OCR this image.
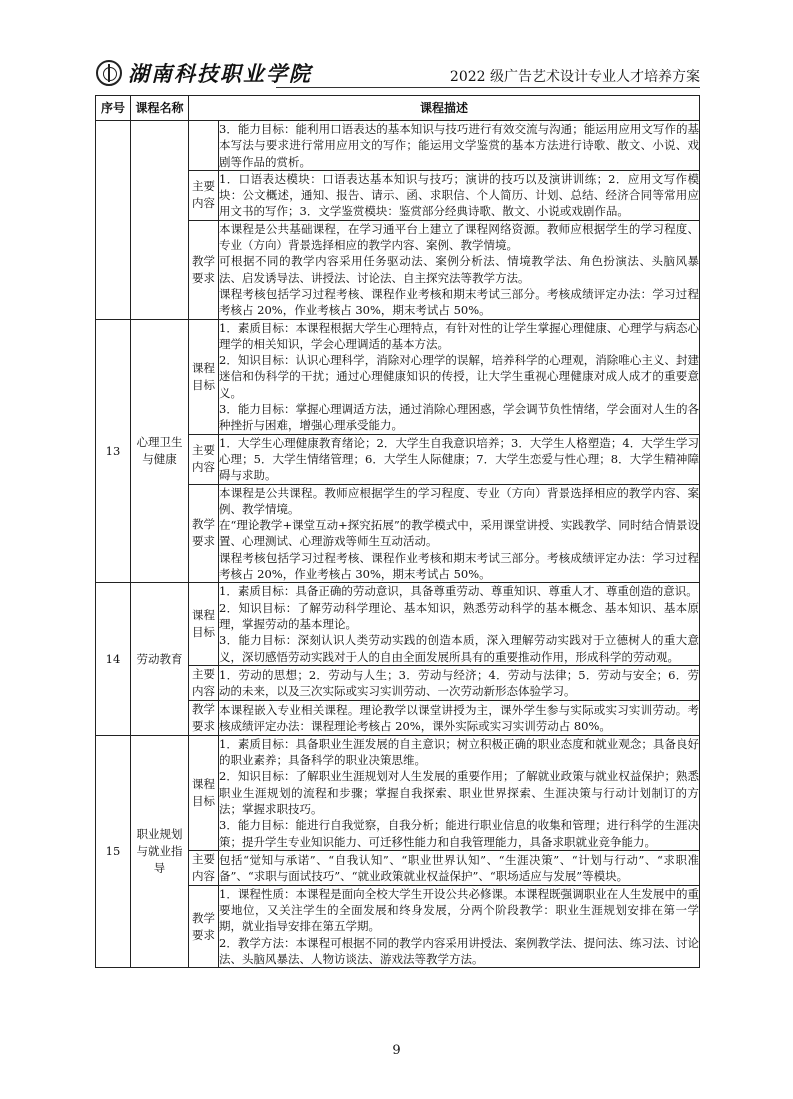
湖南科技职业学院	2022 级广告艺术设计专业人才培养方案
序号	课程名称	课程描述	

			3．能力目标：能利用口语表达的基本知识与技巧进行有效交流与沟通；能运用应用文写作的基本写法与要求进行常用应用文的写作；能运用文学鉴赏的基本方法进行诗歌、散文、小说、戏剧等作品的赏析。

		主要内容	1．口语表达模块：口语表达基本知识与技巧；演讲的技巧以及演讲训练；2．应用文写作模块：公文概述，通知、报告、请示、函、求职信、个人简历、计划、总结、经济合同等常用应用文书的写作；3．文学鉴赏模块：鉴赏部分经典诗歌、散文、小说或戏剧作品。

		教学要求	本课程是公共基础课程，在学习通平台上建立了课程网络资源。教师应根据学生的学习程度、专业（方向）背景选择相应的教学内容、案例、教学情境。

可根据不同的教学内容采用任务驱动法、案例分析法、情境教学法、角色扮演法、头脑风暴法、启发诱导法、讲授法、讨论法、自主探究法等教学方法。

课程考核包括学习过程考核、课程作业考核和期末考试三部分。考核成绩评定办法：学习过程考核占 20%，作业考核占 30%，期末考试占 50%。

13	心理卫生与健康	课程目标	1．素质目标：本课程根据大学生心理特点，有针对性的让学生掌握心理健康、心理学与病态心理学的相关知识，学会心理调适的基本方法。

2．知识目标：认识心理科学，消除对心理学的误解，培养科学的心理观，消除唯心主义、封建迷信和伪科学的干扰；通过心理健康知识的传授，让大学生重视心理健康对成人成才的重要意义。

3．能力目标：掌握心理调适方法，通过消除心理困惑，学会调节负性情绪，学会面对人生的各种挫折与困难，增强心理承受能力。

		主要内容	1．大学生心理健康教育绪论；2．大学生自我意识培养；3．大学生人格塑造；4．大学生学习心理；5．大学生情绪管理；6．大学生人际健康；7．大学生恋爱与性心理；8．大学生精神障碍与求助。

		教学要求	本课程是公共课程。教师应根据学生的学习程度、专业（方向）背景选择相应的教学内容、案例、教学情境。

在“理论教学+课堂互动+探究拓展”的教学模式中，采用课堂讲授、实践教学、同时结合情景设置、心理测试、心理游戏等师生互动活动。

课程考核包括学习过程考核、课程作业考核和期末考试三部分。考核成绩评定办法：学习过程考核占 20%，作业考核占 30%，期末考试占 50%。

14	劳动教育	课程目标	1．素质目标：具备正确的劳动意识，具备尊重劳动、尊重知识、尊重人才、尊重创造的意识。

2．知识目标：了解劳动科学理论、基本知识，熟悉劳动科学的基本概念、基本知识、基本原理，掌握劳动的基本理论。

3．能力目标：深刻认识人类劳动实践的创造本质，深入理解劳动实践对于立德树人的重大意义，深切感悟劳动实践对于人的自由全面发展所具有的重要推动作用，形成科学的劳动观。

		主要内容	1．劳动的思想；2．劳动与人生；3．劳动与经济；4．劳动与法律；5．劳动与安全；6．劳动的未来，以及三次实际或实习实训劳动、一次劳动新形态体验学习。

		教学要求	本课程嵌入专业相关课程。理论教学以课堂讲授为主，课外学生参与实际或实习实训劳动。考核成绩评定办法：课程理论考核占 20%，课外实际或实习实训劳动占 80%。

15	职业规划与就业指导	课程目标	1．素质目标：具备职业生涯发展的自主意识；树立积极正确的职业态度和就业观念；具备良好的职业素养；具备科学的职业决策思维。

2．知识目标：了解职业生涯规划对人生发展的重要作用；了解就业政策与就业权益保护；熟悉职业生涯规划的流程和步骤；掌握自我探索、职业世界探索、生涯决策与行动计划制订的方法；掌握求职技巧。

3．能力目标：能进行自我觉察，自我分析；能进行职业信息的收集和管理；进行科学的生涯决策；提升学生专业知识能力、可迁移性能力和自我管理能力，具备求职就业竞争能力。

		主要内容	包括“觉知与承诺”、“自我认知”、“职业世界认知”、“生涯决策”、“计划与行动”、“求职准备”、“求职与面试技巧”、“就业政策就业权益保护”、“职场适应与发展”等模块。

		教学要求	1．课程性质：本课程是面向全校大学生开设公共必修课。本课程既强调职业在人生发展中的重要地位，又关注学生的全面发展和终身发展，分两个阶段教学：职业生涯规划安排在第一学期，就业指导安排在第五学期。

2．教学方法：本课程可根据不同的教学内容采用讲授法、案例教学法、提问法、练习法、讨论法、头脑风暴法、人物访谈法、游戏法等教学方法。

9
